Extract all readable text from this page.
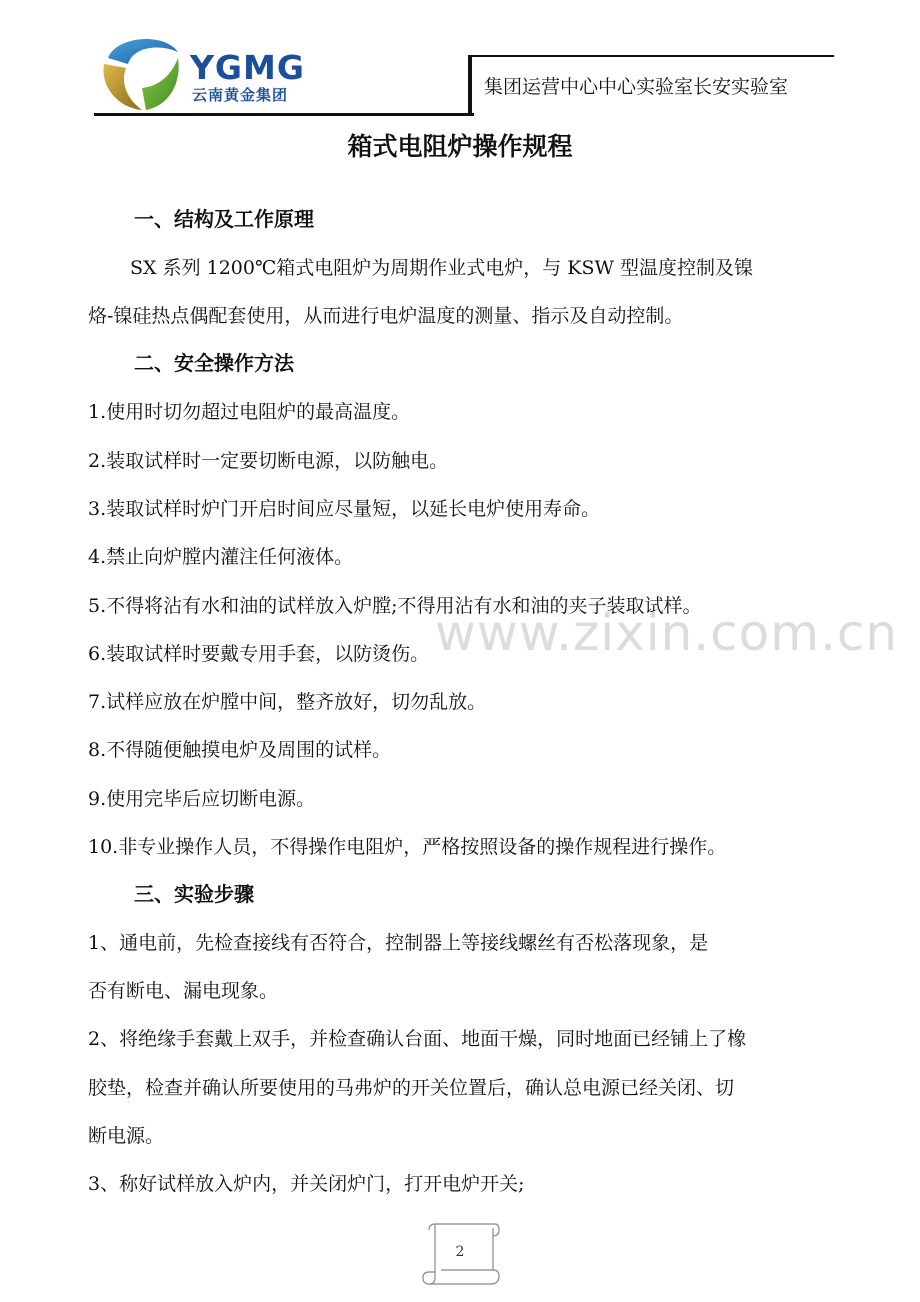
YGMG
云南黄金集团	集团运营中心中心实验室长安实验室
箱式电阻炉操作规程
一、结构及工作原理
SX 系列 1200℃箱式电阻炉为周期作业式电炉，与 KSW 型温度控制及镍
烙-镍硅热点偶配套使用，从而进行电炉温度的测量、指示及自动控制。
二、安全操作方法
1.使用时切勿超过电阻炉的最高温度。
2.装取试样时一定要切断电源，以防触电。
3.装取试样时炉门开启时间应尽量短，以延长电炉使用寿命。
4.禁止向炉膛内灌注任何液体。
5.不得将沾有水和油的试样放入炉膛;不得用沾有水和油的夹子装取试样。
6.装取试样时要戴专用手套，以防烫伤。
7.试样应放在炉膛中间，整齐放好，切勿乱放。
8.不得随便触摸电炉及周围的试样。
9.使用完毕后应切断电源。
10.非专业操作人员，不得操作电阻炉，严格按照设备的操作规程进行操作。
三、实验步骤
1、通电前，先检查接线有否符合，控制器上等接线螺丝有否松落现象，是
否有断电、漏电现象。
2、将绝缘手套戴上双手，并检查确认台面、地面干燥，同时地面已经铺上了橡
胶垫，检查并确认所要使用的马弗炉的开关位置后，确认总电源已经关闭、切
断电源。
3、称好试样放入炉内，并关闭炉门，打开电炉开关;
www.zixin.com.cn
2
